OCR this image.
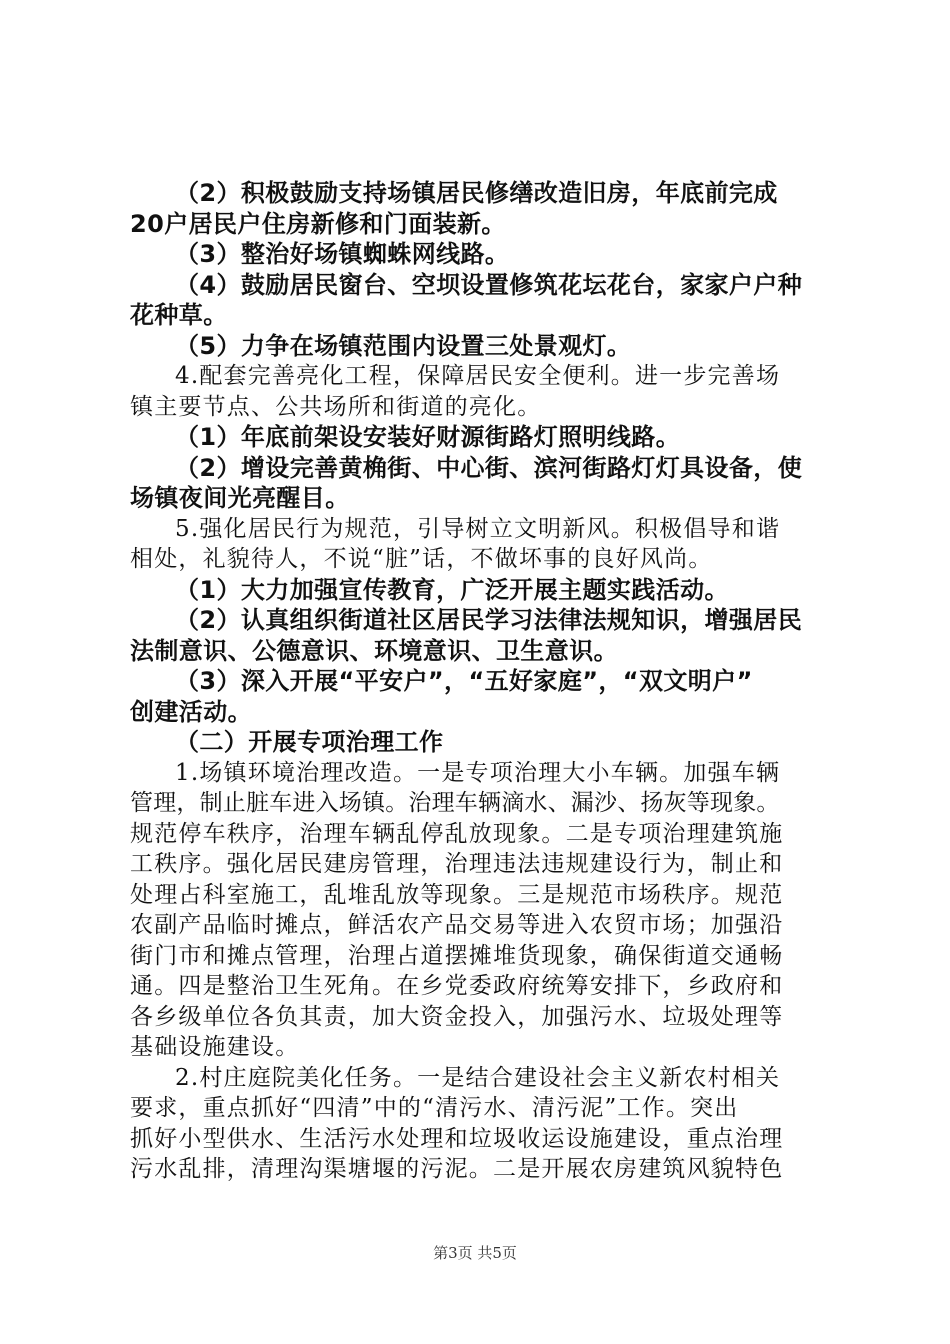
（2）积极鼓励支持场镇居民修缮改造旧房，年底前完成
20户居民户住房新修和门面装新。
（3）整治好场镇蜘蛛网线路。
（4）鼓励居民窗台、空坝设置修筑花坛花台，家家户户种
花种草。
（5）力争在场镇范围内设置三处景观灯。
4.配套完善亮化工程，保障居民安全便利。进一步完善场
镇主要节点、公共场所和街道的亮化。
（1）年底前架设安装好财源街路灯照明线路。
（2）增设完善黄桷街、中心街、滨河街路灯灯具设备，使
场镇夜间光亮醒目。
5.强化居民行为规范，引导树立文明新风。积极倡导和谐
相处，礼貌待人，不说“脏”话，不做坏事的良好风尚。
（1）大力加强宣传教育，广泛开展主题实践活动。
（2）认真组织街道社区居民学习法律法规知识，增强居民
法制意识、公德意识、环境意识、卫生意识。
（3）深入开展“平安户”，“五好家庭”，“双文明户”
创建活动。
（二）开展专项治理工作
1.场镇环境治理改造。一是专项治理大小车辆。加强车辆
管理，制止脏车进入场镇。治理车辆滴水、漏沙、扬灰等现象。
规范停车秩序，治理车辆乱停乱放现象。二是专项治理建筑施
工秩序。强化居民建房管理，治理违法违规建设行为，制止和
处理占科室施工，乱堆乱放等现象。三是规范市场秩序。规范
农副产品临时摊点，鲜活农产品交易等进入农贸市场；加强沿
街门市和摊点管理，治理占道摆摊堆货现象，确保街道交通畅
通。四是整治卫生死角。在乡党委政府统筹安排下，乡政府和
各乡级单位各负其责，加大资金投入，加强污水、垃圾处理等
基础设施建设。
2.村庄庭院美化任务。一是结合建设社会主义新农村相关
要求，重点抓好“四清”中的“清污水、清污泥”工作。突出
抓好小型供水、生活污水处理和垃圾收运设施建设，重点治理
污水乱排，清理沟渠塘堰的污泥。二是开展农房建筑风貌特色
第3页 共5页
